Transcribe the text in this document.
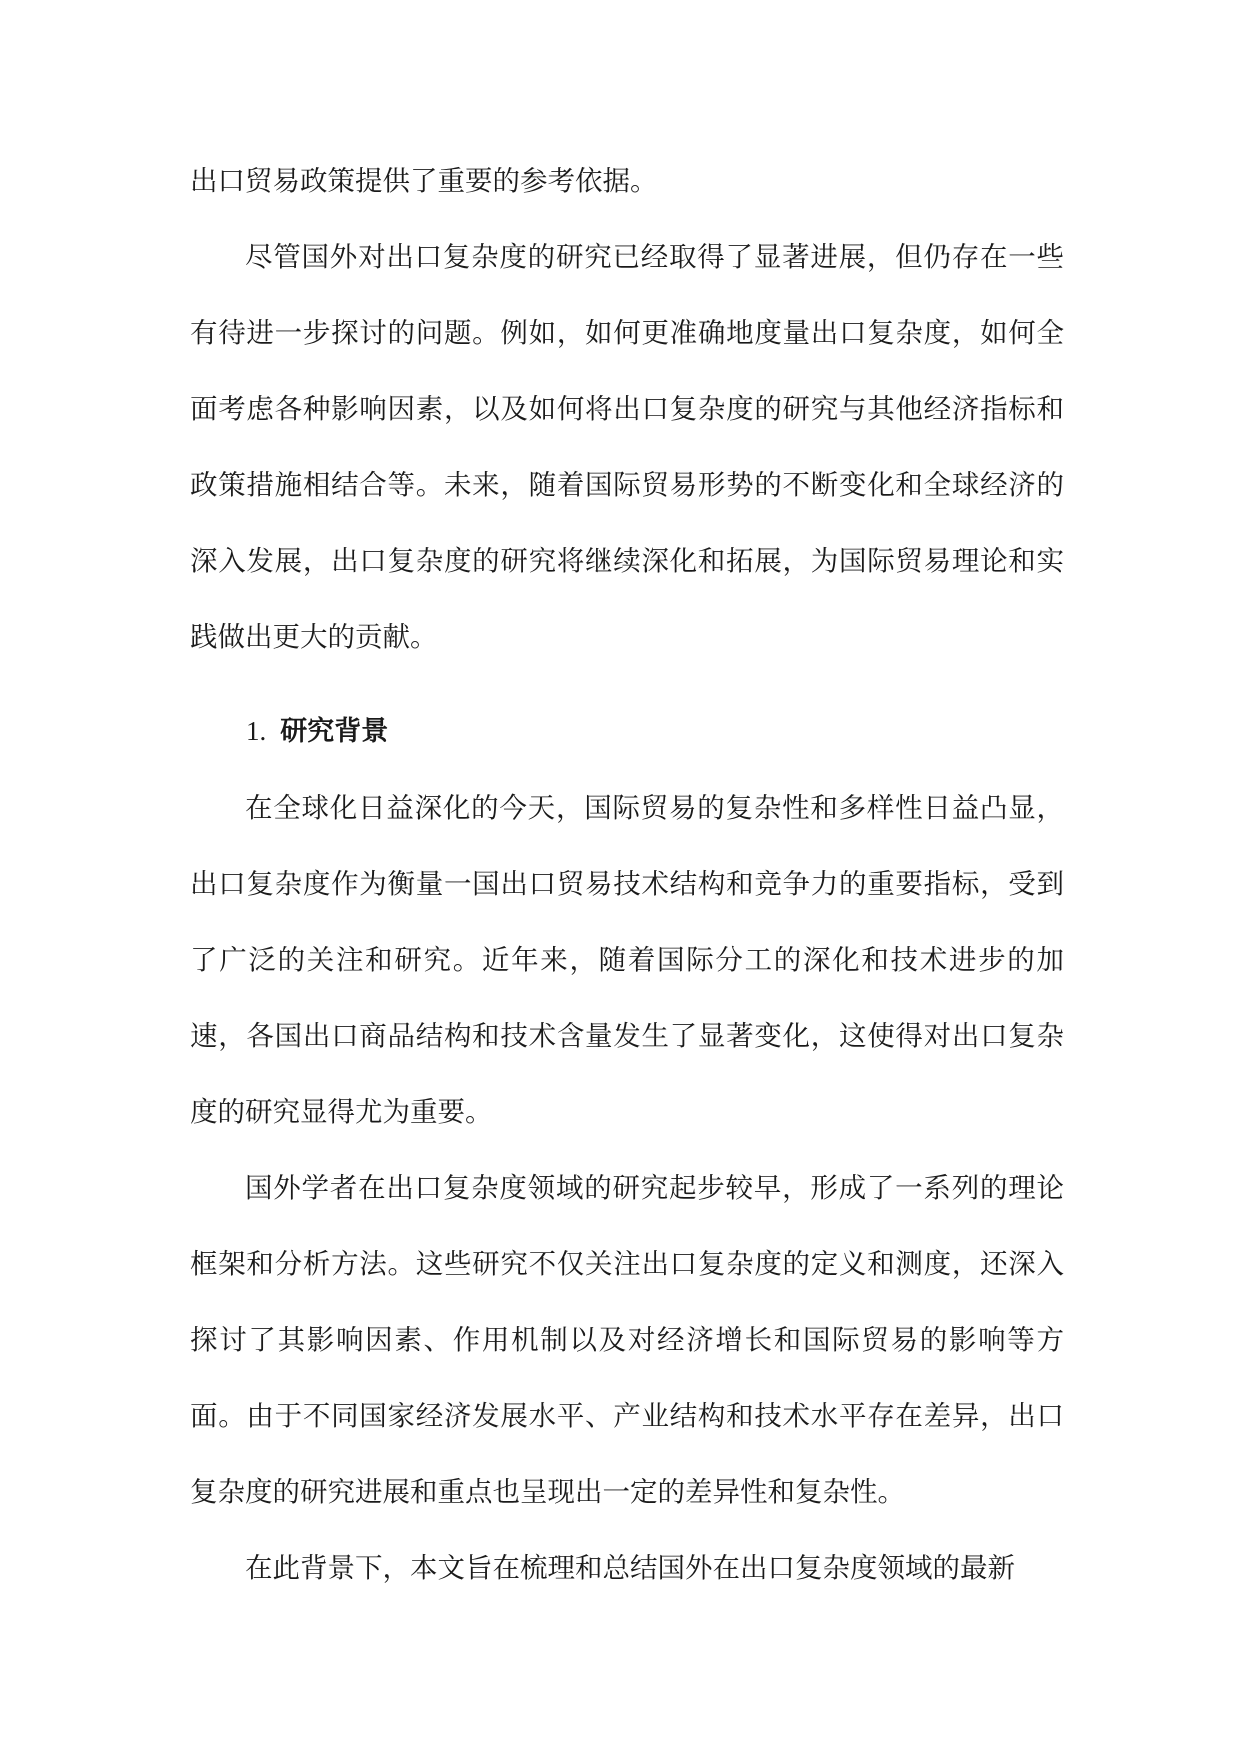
出口贸易政策提供了重要的参考依据。

尽管国外对出口复杂度的研究已经取得了显著进展，但仍存在一些有待进一步探讨的问题。例如，如何更准确地度量出口复杂度，如何全面考虑各种影响因素，以及如何将出口复杂度的研究与其他经济指标和政策措施相结合等。未来，随着国际贸易形势的不断变化和全球经济的深入发展，出口复杂度的研究将继续深化和拓展，为国际贸易理论和实践做出更大的贡献。

1. 研究背景

在全球化日益深化的今天，国际贸易的复杂性和多样性日益凸显，出口复杂度作为衡量一国出口贸易技术结构和竞争力的重要指标，受到了广泛的关注和研究。近年来，随着国际分工的深化和技术进步的加速，各国出口商品结构和技术含量发生了显著变化，这使得对出口复杂度的研究显得尤为重要。

国外学者在出口复杂度领域的研究起步较早，形成了一系列的理论框架和分析方法。这些研究不仅关注出口复杂度的定义和测度，还深入探讨了其影响因素、作用机制以及对经济增长和国际贸易的影响等方面。由于不同国家经济发展水平、产业结构和技术水平存在差异，出口复杂度的研究进展和重点也呈现出一定的差异性和复杂性。

在此背景下，本文旨在梳理和总结国外在出口复杂度领域的最新
